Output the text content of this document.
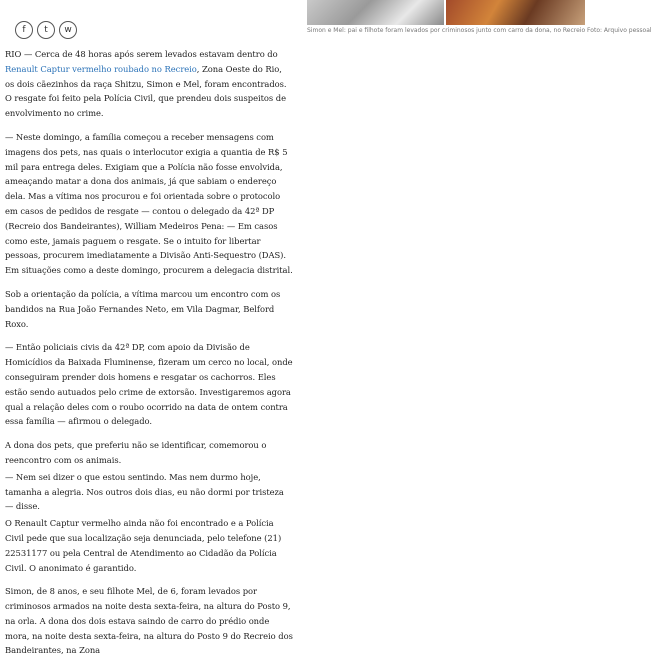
f	t	w	Simon e Mel: pai e filhote foram levados por criminosos junto com carro da dona, no Recreio Foto: Arquivo pessoal

RIO — Cerca de 48 horas após serem levados estavam dentro do Renault Captur vermelho roubado no Recreio, Zona Oeste do Rio, os dois cãezinhos da raça Shitzu, Simon e Mel, foram encontrados. O resgate foi feito pela Polícia Civil, que prendeu dois suspeitos de envolvimento no crime.

— Neste domingo, a família começou a receber mensagens com imagens dos pets, nas quais o interlocutor exigia a quantia de R$ 5 mil para entrega deles. Exigiam que a Polícia não fosse envolvida, ameaçando matar a dona dos animais, já que sabiam o endereço dela. Mas a vítima nos procurou e foi orientada sobre o protocolo em casos de pedidos de resgate — contou o delegado da 42ª DP (Recreio dos Bandeirantes), William Medeiros Pena: — Em casos como este, jamais paguem o resgate. Se o intuito for libertar pessoas, procurem imediatamente a Divisão Anti-Sequestro (DAS). Em situações como a deste domingo, procurem a delegacia distrital.

Sob a orientação da polícia, a vítima marcou um encontro com os bandidos na Rua João Fernandes Neto, em Vila Dagmar, Belford Roxo.

— Então policiais civis da 42ª DP, com apoio da Divisão de Homicídios da Baixada Fluminense, fizeram um cerco no local, onde conseguiram prender dois homens e resgatar os cachorros. Eles estão sendo autuados pelo crime de extorsão. Investigaremos agora qual a relação deles com o roubo ocorrido na data de ontem contra essa família — afirmou o delegado.

A dona dos pets, que preferiu não se identificar, comemorou o reencontro com os animais.

— Nem sei dizer o que estou sentindo. Mas nem durmo hoje, tamanha a alegria. Nos outros dois dias, eu não dormi por tristeza — disse.

O Renault Captur vermelho ainda não foi encontrado e a Polícia Civil pede que sua localização seja denunciada, pelo telefone (21) 22531177 ou pela Central de Atendimento ao Cidadão da Polícia Civil. O anonimato é garantido.

Simon, de 8 anos, e seu filhote Mel, de 6, foram levados por criminosos armados na noite desta sexta-feira, na altura do Posto 9, na orla. A dona dos dois estava saindo de carro do prédio onde mora, na noite desta sexta-feira, na altura do Posto 9 do Recreio dos Bandeirantes, na Zona
